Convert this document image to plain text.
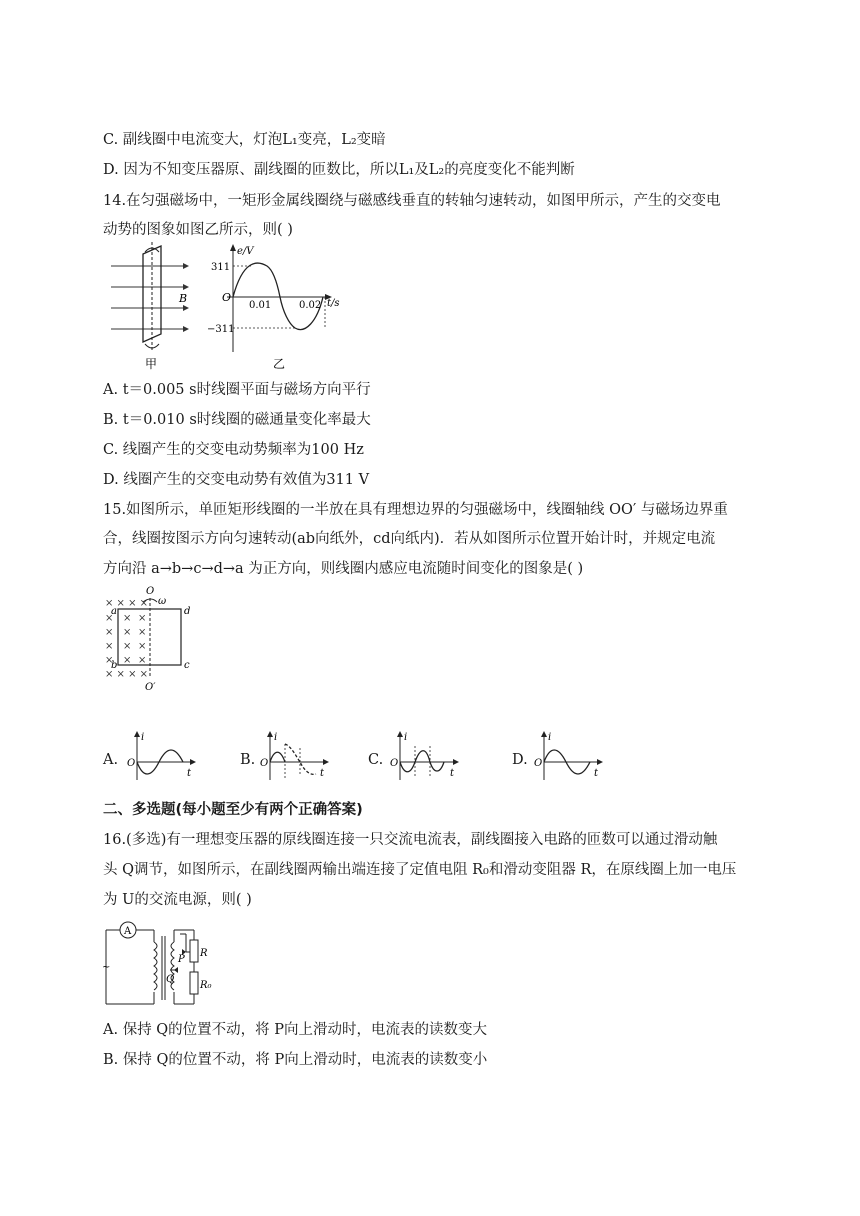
C. 副线圈中电流变大，灯泡L₁变亮，L₂变暗
D. 因为不知变压器原、副线圈的匝数比，所以L₁及L₂的亮度变化不能判断
14.在匀强磁场中，一矩形金属线圈绕与磁感线垂直的转轴匀速转动，如图甲所示，产生的交变电
动势的图象如图乙所示，则( )
B
甲
e/V
311
−311
O
0.01	0.02 t/s
乙
A. t＝0.005 s时线圈平面与磁场方向平行
B. t＝0.010 s时线圈的磁通量变化率最大
C. 线圈产生的交变电动势频率为100 Hz
D. 线圈产生的交变电动势有效值为311 V
15.如图所示，单匝矩形线圈的一半放在具有理想边界的匀强磁场中，线圈轴线 OO′ 与磁场边界重
合，线圈按图示方向匀速转动(ab向纸外，cd向纸内)．若从如图所示位置开始计时，并规定电流
方向沿 a→b→c→d→a 为正方向，则线圈内感应电流随时间变化的图象是( )
× × × ×
× × ×
× × ×
× × ×
× × ×
× × × ×
O
ω
a
b	c
d
O′
A.
i
O
t
B.
i
O
t
C.
i
O
t
D.
i
O
t
二、多选题(每小题至少有两个正确答案)
16.(多选)有一理想变压器的原线圈连接一只交流电流表，副线圈接入电路的匝数可以通过滑动触
头 Q调节，如图所示，在副线圈两输出端连接了定值电阻 R₀和滑动变阻器 R，在原线圈上加一电压
为 U的交流电源，则( )
A
~
P
Q
R
R₀
A. 保持 Q的位置不动，将 P向上滑动时，电流表的读数变大
B. 保持 Q的位置不动，将 P向上滑动时，电流表的读数变小
